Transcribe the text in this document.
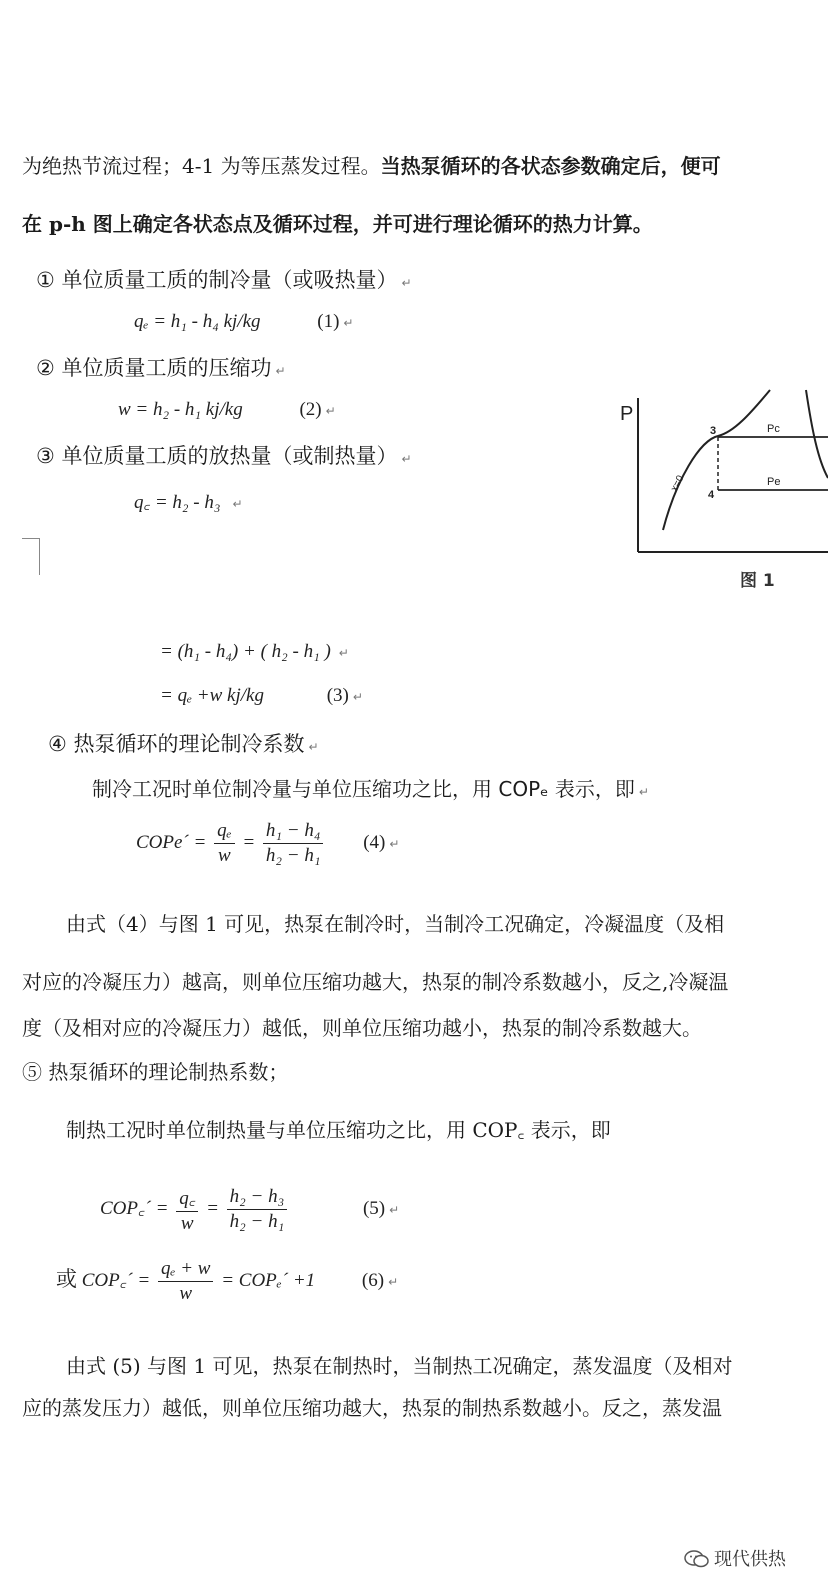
为绝热节流过程；4-1 为等压蒸发过程。当热泵循环的各状态参数确定后，便可
在 p-h 图上确定各状态点及循环过程，并可进行理论循环的热力计算。
① 单位质量工质的制冷量（或吸热量） ↵
qₑ = h₁ - h₄ kj/kg	(1) ↵
② 单位质量工质的压缩功 ↵
w = h₂ - h₁ kj/kg	(2) ↵
③ 单位质量工质的放热量（或制热量） ↵
q꜀ = h₂ - h₃ ↵
P
3
4
Pc
Pe
x=0
图 1
= (h₁ - h₄) + ( h₂ - h₁ ) ↵
= qₑ +w kj/kg	(3) ↵
④ 热泵循环的理论制冷系数 ↵
制冷工况时单位制冷量与单位压缩功之比，用 COPₑ 表示，即 ↵
COPe´ = $\frac{\text{qₑ}}{w} = \frac{\text{h₁ − h₄}}{\text{h₂ − h₁}} (4)$ ↵
由式（4）与图 1 可见，热泵在制冷时，当制冷工况确定，冷凝温度（及相
对应的冷凝压力）越高，则单位压缩功越大，热泵的制冷系数越小，反之,冷凝温
度（及相对应的冷凝压力）越低，则单位压缩功越小，热泵的制冷系数越大。
⑤ 热泵循环的理论制热系数；
制热工况时单位制热量与单位压缩功之比，用 COP꜀ 表示，即
COP꜀´ = $\frac{q꜀}{w} = \frac{\text{h₂ − h₃}}{\text{h₂ − h₁}}$	(5) ↵
或 COP꜀´ = $\frac{\text{qₑ + w}}{w}$ = COPₑ´ +1 (6) ↵
由式 (5) 与图 1 可见，热泵在制热时，当制热工况确定，蒸发温度（及相对
应的蒸发压力）越低，则单位压缩功越大，热泵的制热系数越小。反之，蒸发温
现代供热
